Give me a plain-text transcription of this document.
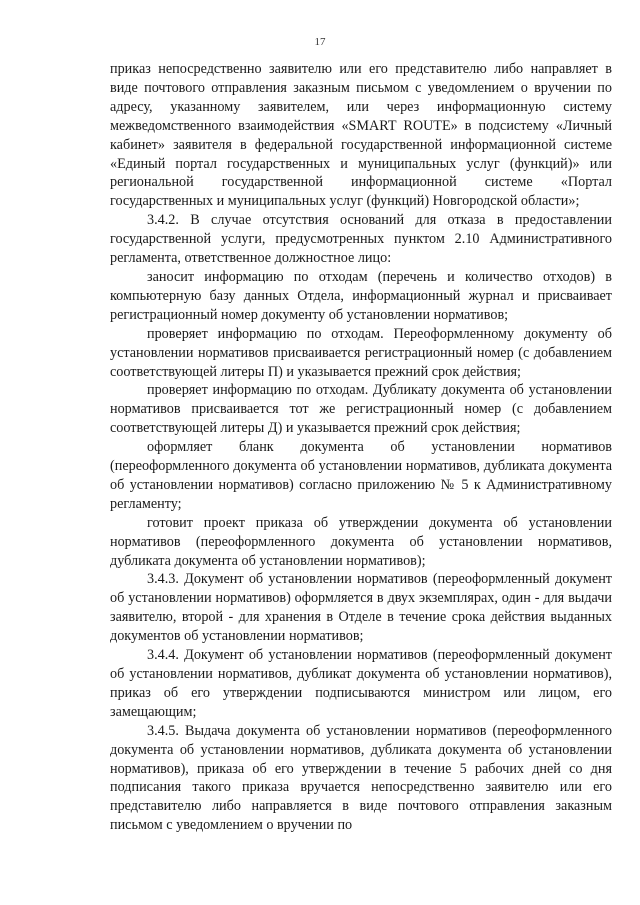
17

приказ непосредственно заявителю или его представителю либо направляет в виде почтового отправления заказным письмом с уведомлением о вручении по адресу, указанному заявителем, или через информационную систему межведомственного взаимодействия «SMART ROUTE» в подсистему «Личный кабинет» заявителя в федеральной государственной информационной системе «Единый портал государственных и муниципальных услуг (функций)» или региональной государственной информационной системе «Портал государственных и муниципальных услуг (функций) Новгородской области»;

3.4.2. В случае отсутствия оснований для отказа в предоставлении государственной услуги, предусмотренных пунктом 2.10 Административного регламента, ответственное должностное лицо:

заносит информацию по отходам (перечень и количество отходов) в компьютерную базу данных Отдела, информационный журнал и присваивает регистрационный номер документу об установлении нормативов;

проверяет информацию по отходам. Переоформленному документу об установлении нормативов присваивается регистрационный номер (с добавлением соответствующей литеры П) и указывается прежний срок действия;

проверяет информацию по отходам. Дубликату документа об установлении нормативов присваивается тот же регистрационный номер (с добавлением соответствующей литеры Д) и указывается прежний срок действия;

оформляет бланк документа об установлении нормативов (переоформленного документа об установлении нормативов, дубликата документа об установлении нормативов) согласно приложению № 5 к Административному регламенту;

готовит проект приказа об утверждении документа об установлении нормативов (переоформленного документа об установлении нормативов, дубликата документа об установлении нормативов);

3.4.3. Документ об установлении нормативов (переоформленный документ об установлении нормативов) оформляется в двух экземплярах, один - для выдачи заявителю, второй - для хранения в Отделе в течение срока действия выданных документов об установлении нормативов;

3.4.4. Документ об установлении нормативов (переоформленный документ об установлении нормативов, дубликат документа об установлении нормативов), приказ об его утверждении подписываются министром или лицом, его замещающим;

3.4.5. Выдача документа об установлении нормативов (переоформленного документа об установлении нормативов, дубликата документа об установлении нормативов), приказа об его утверждении в течение 5 рабочих дней со дня подписания такого приказа вручается непосредственно заявителю или его представителю либо направляется в виде почтового отправления заказным письмом с уведомлением о вручении по
